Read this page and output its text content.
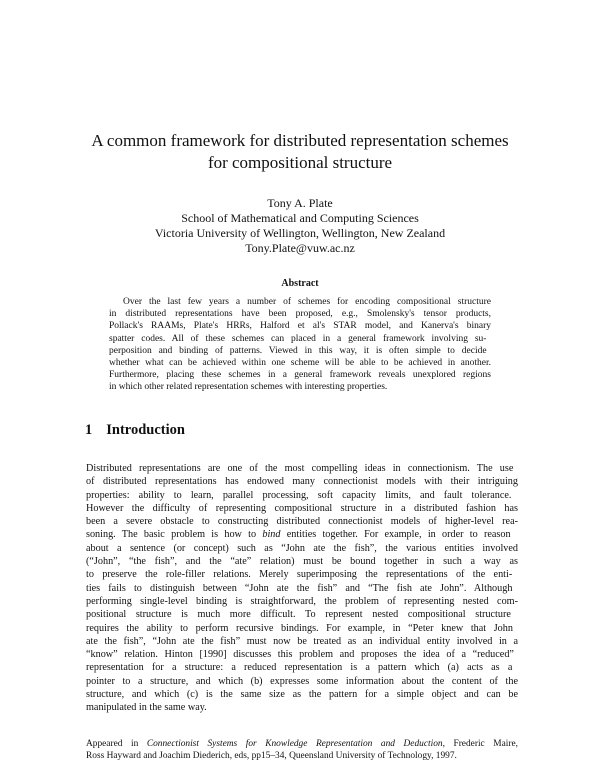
A common framework for distributed representation schemes
for compositional structure
Tony A. Plate
School of Mathematical and Computing Sciences
Victoria University of Wellington, Wellington, New Zealand
Tony.Plate@vuw.ac.nz
Abstract
Over the last few years a number of schemes for encoding compositional structure
in distributed representations have been proposed, e.g., Smolensky's tensor products,
Pollack's RAAMs, Plate's HRRs, Halford et al's STAR model, and Kanerva's binary
spatter codes. All of these schemes can placed in a general framework involving su-
perposition and binding of patterns. Viewed in this way, it is often simple to decide
whether what can be achieved within one scheme will be able to be achieved in another.
Furthermore, placing these schemes in a general framework reveals unexplored regions
in which other related representation schemes with interesting properties.
1 Introduction
Distributed representations are one of the most compelling ideas in connectionism. The use
of distributed representations has endowed many connectionist models with their intriguing
properties: ability to learn, parallel processing, soft capacity limits, and fault tolerance.
However the difficulty of representing compositional structure in a distributed fashion has
been a severe obstacle to constructing distributed connectionist models of higher-level rea-
soning. The basic problem is how to bind entities together. For example, in order to reason
about a sentence (or concept) such as “John ate the fish”, the various entities involved
(“John”, “the fish”, and the “ate” relation) must be bound together in such a way as
to preserve the role-filler relations. Merely superimposing the representations of the enti-
ties fails to distinguish between “John ate the fish” and “The fish ate John”. Although
performing single-level binding is straightforward, the problem of representing nested com-
positional structure is much more difficult. To represent nested compositional structure
requires the ability to perform recursive bindings. For example, in “Peter knew that John
ate the fish”, “John ate the fish” must now be treated as an individual entity involved in a
“know” relation. Hinton [1990] discusses this problem and proposes the idea of a “reduced”
representation for a structure: a reduced representation is a pattern which (a) acts as a
pointer to a structure, and which (b) expresses some information about the content of the
structure, and which (c) is the same size as the pattern for a simple object and can be
manipulated in the same way.
Appeared in Connectionist Systems for Knowledge Representation and Deduction, Frederic Maire,
Ross Hayward and Joachim Diederich, eds, pp15–34, Queensland University of Technology, 1997.
